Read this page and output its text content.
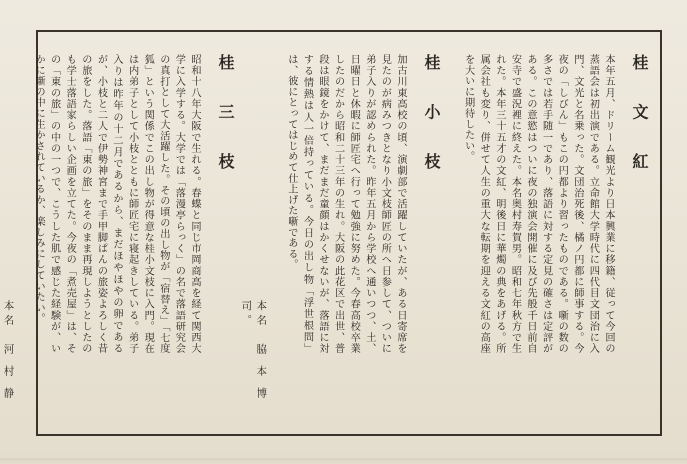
桂 文 紅
本年五月、ドリーム観光より日本興業に移籍、従って今回の蒸語会は初出演である。立命館大学時代に四代目文団治に入門、文光と名乗った。文団治死後、橘ノ円都に師事する。今夜の「しびん」もこの円都より習ったものである。噺の数の多さでは若手随一であり、落語に対する定見の確さは定評がある。この意慾はついに夜の独演会開催に及び先般千日前自安寺で盛況裡に終えた。本名奥村寿賀男。昭和七年秋方で生れた。本年三十五才の文紅、明後日に華燭の典をあげる。所属会社も変り、併せて人生の重大な転期を迎える文紅の高座を大いに期待したい。
桂 小 枝
加古川東高校の頃、演劇部で活躍していたが、ある日寄席を見たのが病みつきとなり小文枝師匠の所へ日参して、ついに弟子入りが認められた。昨年五月から学校へ通いつつ、土、日曜日と休暇に師匠宅へ行って勉強に努めた。今春高校卒業したのだから昭和二十三年の生れ。大阪の此花区で出世、普段は眼鏡をかけて、まだまだ童顔はかくせないが、落語に対する情熱は人一倍持っている。今日の出し物「浮世根問」は、彼にとってはじめて仕上げた噺である。
本名　脇 本 博 司。
桂 三 枝
昭和十八年大阪で生れる。春蝶と同じ市岡商高を経て関西大学に入学する。大学では「落漫亭らっく」の名で落語研究会の真打として大活躍した。その頃の出し物が「宿替え」「七度狐」という関係でこの出し物が得意な桂小文枝に入門。現在は内弟子として小枝とともに師匠宅に寝起きしている。弟子入りは昨年の十二月であるから、まだほやほやの卵であるが、小枝と二人で伊勢神宮まで手甲脚ぱんの旅姿よろしく昔の旅をした。落語「東の旅」をそのまま再現しようとしたのも学士落語家らしい企画を立てた。今夜の「煮売屋」は、その「東の旅」の中の一つで、こうした肌で感じた経験が、いかに噺の中に生かされているか、楽しみにしていたい。
本名　河 村 静
